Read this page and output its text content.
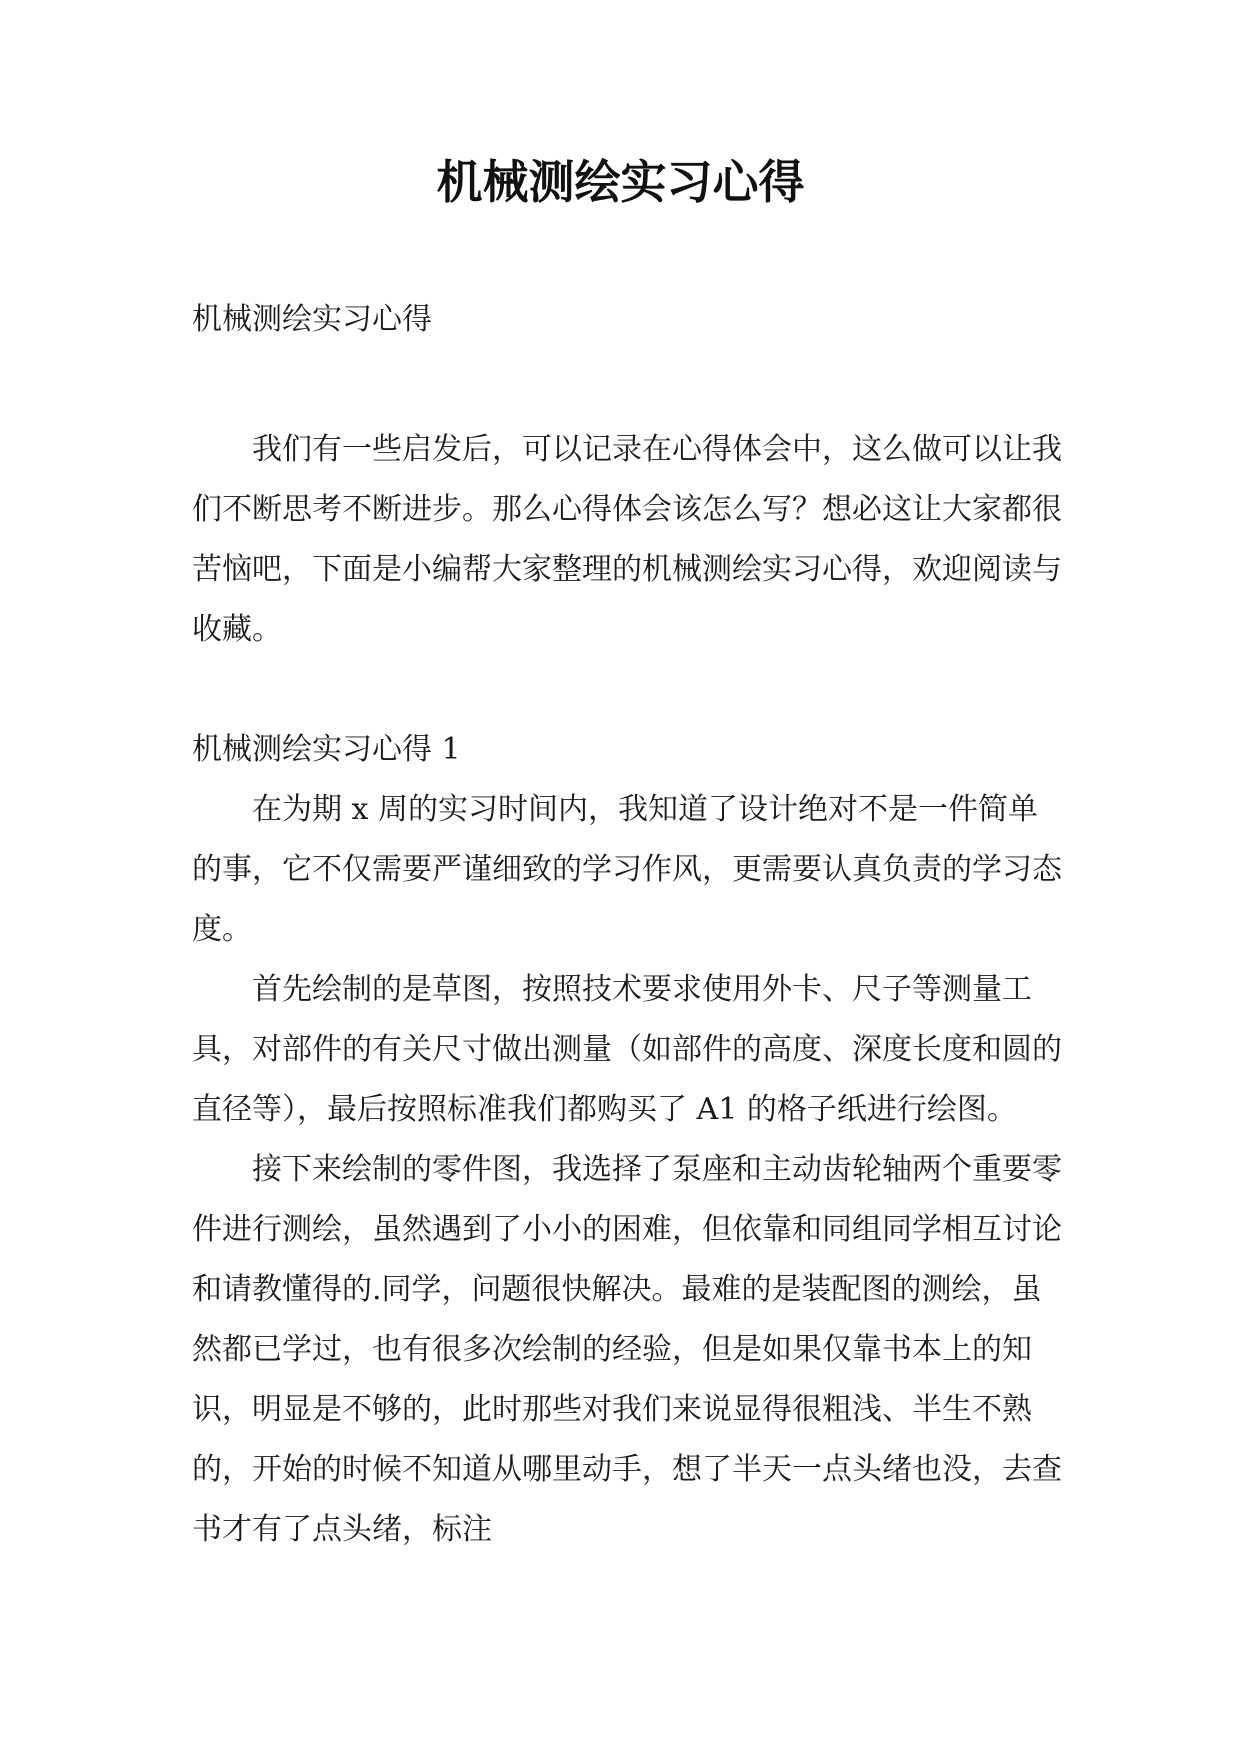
机械测绘实习心得

机械测绘实习心得

我们有一些启发后，可以记录在心得体会中，这么做可以让我们不断思考不断进步。那么心得体会该怎么写？想必这让大家都很苦恼吧，下面是小编帮大家整理的机械测绘实习心得，欢迎阅读与收藏。

机械测绘实习心得 1

在为期 x 周的实习时间内，我知道了设计绝对不是一件简单的事，它不仅需要严谨细致的学习作风，更需要认真负责的学习态度。

首先绘制的是草图，按照技术要求使用外卡、尺子等测量工具，对部件的有关尺寸做出测量（如部件的高度、深度长度和圆的直径等），最后按照标准我们都购买了 A1 的格子纸进行绘图。

接下来绘制的零件图，我选择了泵座和主动齿轮轴两个重要零件进行测绘，虽然遇到了小小的困难，但依靠和同组同学相互讨论和请教懂得的.同学，问题很快解决。最难的是装配图的测绘，虽然都已学过，也有很多次绘制的经验，但是如果仅靠书本上的知识，明显是不够的，此时那些对我们来说显得很粗浅、半生不熟的，开始的时候不知道从哪里动手，想了半天一点头绪也没，去查书才有了点头绪，标注
